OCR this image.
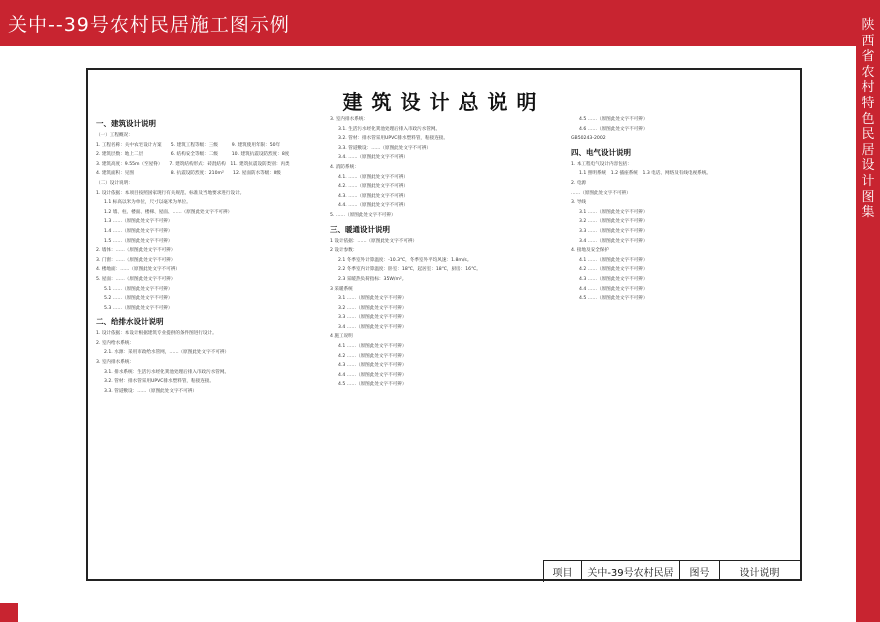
关中--39号农村民居施工图示例	陕
西
省
农
村
特
色
民
居
设
计
图
集
建筑设计总说明
一、建筑设计说明
（一）工程概况：
1. 工程名称：关中农宅设计方案　　5. 建筑工程等级：三级　　　9. 建筑使用年限：50年
2. 建筑层数：地上二层　　　　　　6. 结构安全等级：二级　　　10. 建筑抗震设防烈度：8度
3. 建筑高度：9.55m（至屋脊）　　7. 建筑结构形式：砖混结构　11. 建筑抗震设防类别：丙类
4. 建筑面积：见图　　　　　　　　8. 抗震设防烈度：210m²　　12. 屋面防水等级：Ⅱ级
（二）设计说明：
1. 设计依据：本项目按照国家现行有关规范、标准及当地要求进行设计。
1.1 标高以米为单位，尺寸以毫米为单位。
1.2 墙、柱、楼面、楼梯、屋面、……（原图此处文字不可辨）
1.3 ……（原图此处文字不可辨）
1.4 ……（原图此处文字不可辨）
1.5 ……（原图此处文字不可辨）
2. 墙体：……（原图此处文字不可辨）
3. 门窗：……（原图此处文字不可辨）
4. 楼地面：……（原图此处文字不可辨）
5. 屋面：……（原图此处文字不可辨）
5.1 ……（原图此处文字不可辨）
5.2 ……（原图此处文字不可辨）
5.3 ……（原图此处文字不可辨）
二、给排水设计说明
1. 设计依据：本设计根据建筑专业提供的条件图进行设计。
2. 室内给水系统：
2.1. 水源：采用市政给水管网，……（原图此处文字不可辨）
3. 室内排水系统：
3.1. 排水系统：生活污水经化粪池处理后排入市政污水管网。
3.2. 管材：排水管采用UPVC排水塑料管，粘接连接。
3.3. 管道敷设：……（原图此处文字不可辨）
3. 室内排水系统：
3.1. 生活污水经化粪池处理后排入市政污水管网。
3.2. 管材：排水管采用UPVC排水塑料管，粘接连接。
3.3. 管道敷设：……（原图此处文字不可辨）
3.4. ……（原图此处文字不可辨）
4. 消防系统：
4.1. ……（原图此处文字不可辨）
4.2. ……（原图此处文字不可辨）
4.3. ……（原图此处文字不可辨）
4.4. ……（原图此处文字不可辨）
5. ……（原图此处文字不可辨）
三、暖通设计说明
1 设计依据：……（原图此处文字不可辨）
2 设计参数：
2.1 冬季室外计算温度：-10.3℃，冬季室外平均风速：1.8m/s。
2.2 冬季室内计算温度：卧室：18℃，起居室：18℃，厨房：16℃。
2.3 采暖热负荷指标：35W/m²。
3 采暖系统
3.1 ……（原图此处文字不可辨）
3.2 ……（原图此处文字不可辨）
3.3 ……（原图此处文字不可辨）
3.4 ……（原图此处文字不可辨）
4 施工说明
4.1 ……（原图此处文字不可辨）
4.2 ……（原图此处文字不可辨）
4.3 ……（原图此处文字不可辨）
4.4 ……（原图此处文字不可辨）
4.5 ……（原图此处文字不可辨）
4.5 ……（原图此处文字不可辨）
4.6 ……（原图此处文字不可辨）
GB50243-2002
四、电气设计说明
1. 本工程电气设计内容包括：
1.1 照明系统　1.2 插座系统　1.3 电话、网络及有线电视系统。
2. 电源
……（原图此处文字不可辨）
3. 导线
3.1 ……（原图此处文字不可辨）
3.2 ……（原图此处文字不可辨）
3.3 ……（原图此处文字不可辨）
3.4 ……（原图此处文字不可辨）
4. 接地及安全保护
4.1 ……（原图此处文字不可辨）
4.2 ……（原图此处文字不可辨）
4.3 ……（原图此处文字不可辨）
4.4 ……（原图此处文字不可辨）
4.5 ……（原图此处文字不可辨）
项目	关中-39号农村民居	图号	设计说明
